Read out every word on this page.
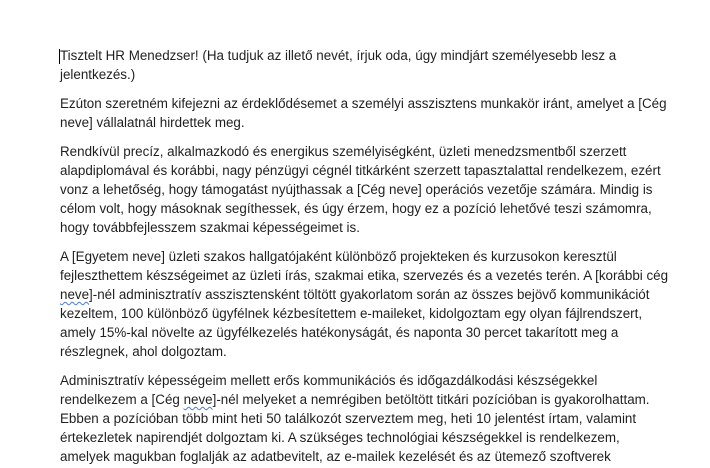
Tisztelt HR Menedzser! (Ha tudjuk az illető nevét, írjuk oda, úgy mindjárt személyesebb lesz a jelentkezés.)

Ezúton szeretném kifejezni az érdeklődésemet a személyi asszisztens munkakör iránt, amelyet a [Cég neve] vállalatnál hirdettek meg.

Rendkívül precíz, alkalmazkodó és energikus személyiségként, üzleti menedzsmentből szerzett alapdiplomával és korábbi, nagy pénzügyi cégnél titkárként szerzett tapasztalattal rendelkezem, ezért vonz a lehetőség, hogy támogatást nyújthassak a [Cég neve] operációs vezetője számára. Mindig is célom volt, hogy másoknak segíthessek, és úgy érzem, hogy ez a pozíció lehetővé teszi számomra, hogy továbbfejlesszem szakmai képességeimet is.

A [Egyetem neve] üzleti szakos hallgatójaként különböző projekteken és kurzusokon keresztül fejleszthettem készségeimet az üzleti írás, szakmai etika, szervezés és a vezetés terén. A [korábbi cég neve]-nél adminisztratív asszisztensként töltött gyakorlatom során az összes bejövő kommunikációt kezeltem, 100 különböző ügyfélnek kézbesítettem e-maileket, kidolgoztam egy olyan fájlrendszert, amely 15%-kal növelte az ügyfélkezelés hatékonyságát, és naponta 30 percet takarított meg a részlegnek, ahol dolgoztam.

Adminisztratív képességeim mellett erős kommunikációs és időgazdálkodási készségekkel rendelkezem a [Cég neve]-nél melyeket a nemrégiben betöltött titkári pozícióban is gyakorolhattam. Ebben a pozícióban több mint heti 50 találkozót szerveztem meg, heti 10 jelentést írtam, valamint értekezletek napirendjét dolgoztam ki. A szükséges technológiai készségekkel is rendelkezem, amelyek magukban foglalják az adatbevitelt, az e-mailek kezelését és az ütemező szoftverek
